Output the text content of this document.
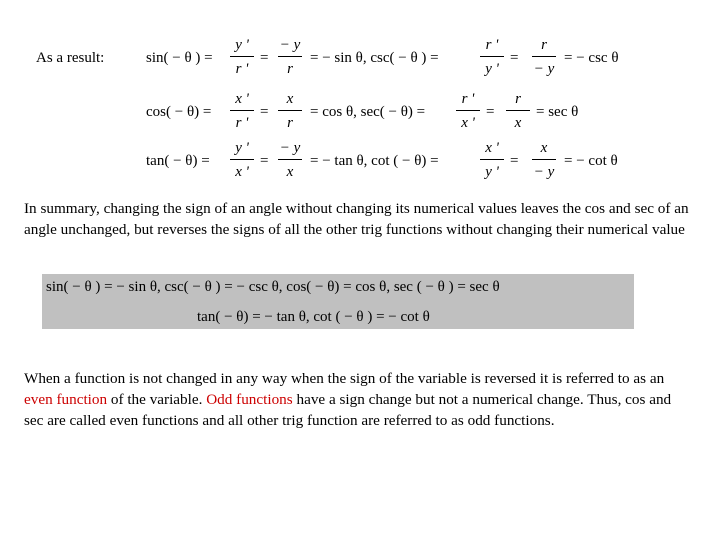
As a result:	sin( − θ ) =
y '
r '
=
− y
r
= − sin θ, csc( − θ ) =
r '
y '
=
r
− y
= − csc θ
cos( − θ) =
x '
r '
=
x
r
= cos θ, sec( − θ) =
r '
x '
=
r
x
= sec θ
tan( − θ) =
y '
x '
=
− y
x
= − tan θ, cot ( − θ) =
x '
y '
=
x
− y
= − cot θ
In summary, changing the sign of an angle without changing its numerical values leaves the cos and sec of an angle unchanged, but reverses the signs of all the other trig functions without changing their numerical value
sin( − θ ) = − sin θ, csc( − θ ) = − csc θ, cos( − θ) = cos θ, sec ( − θ ) = sec θ
tan( − θ) = − tan θ, cot ( − θ ) = − cot θ
When a function is not changed in any way when the sign of the variable is reversed it is referred to as an even function of the variable. Odd functions have a sign change but not a numerical change. Thus, cos and sec are called even functions and all other trig function are referred to as odd functions.
